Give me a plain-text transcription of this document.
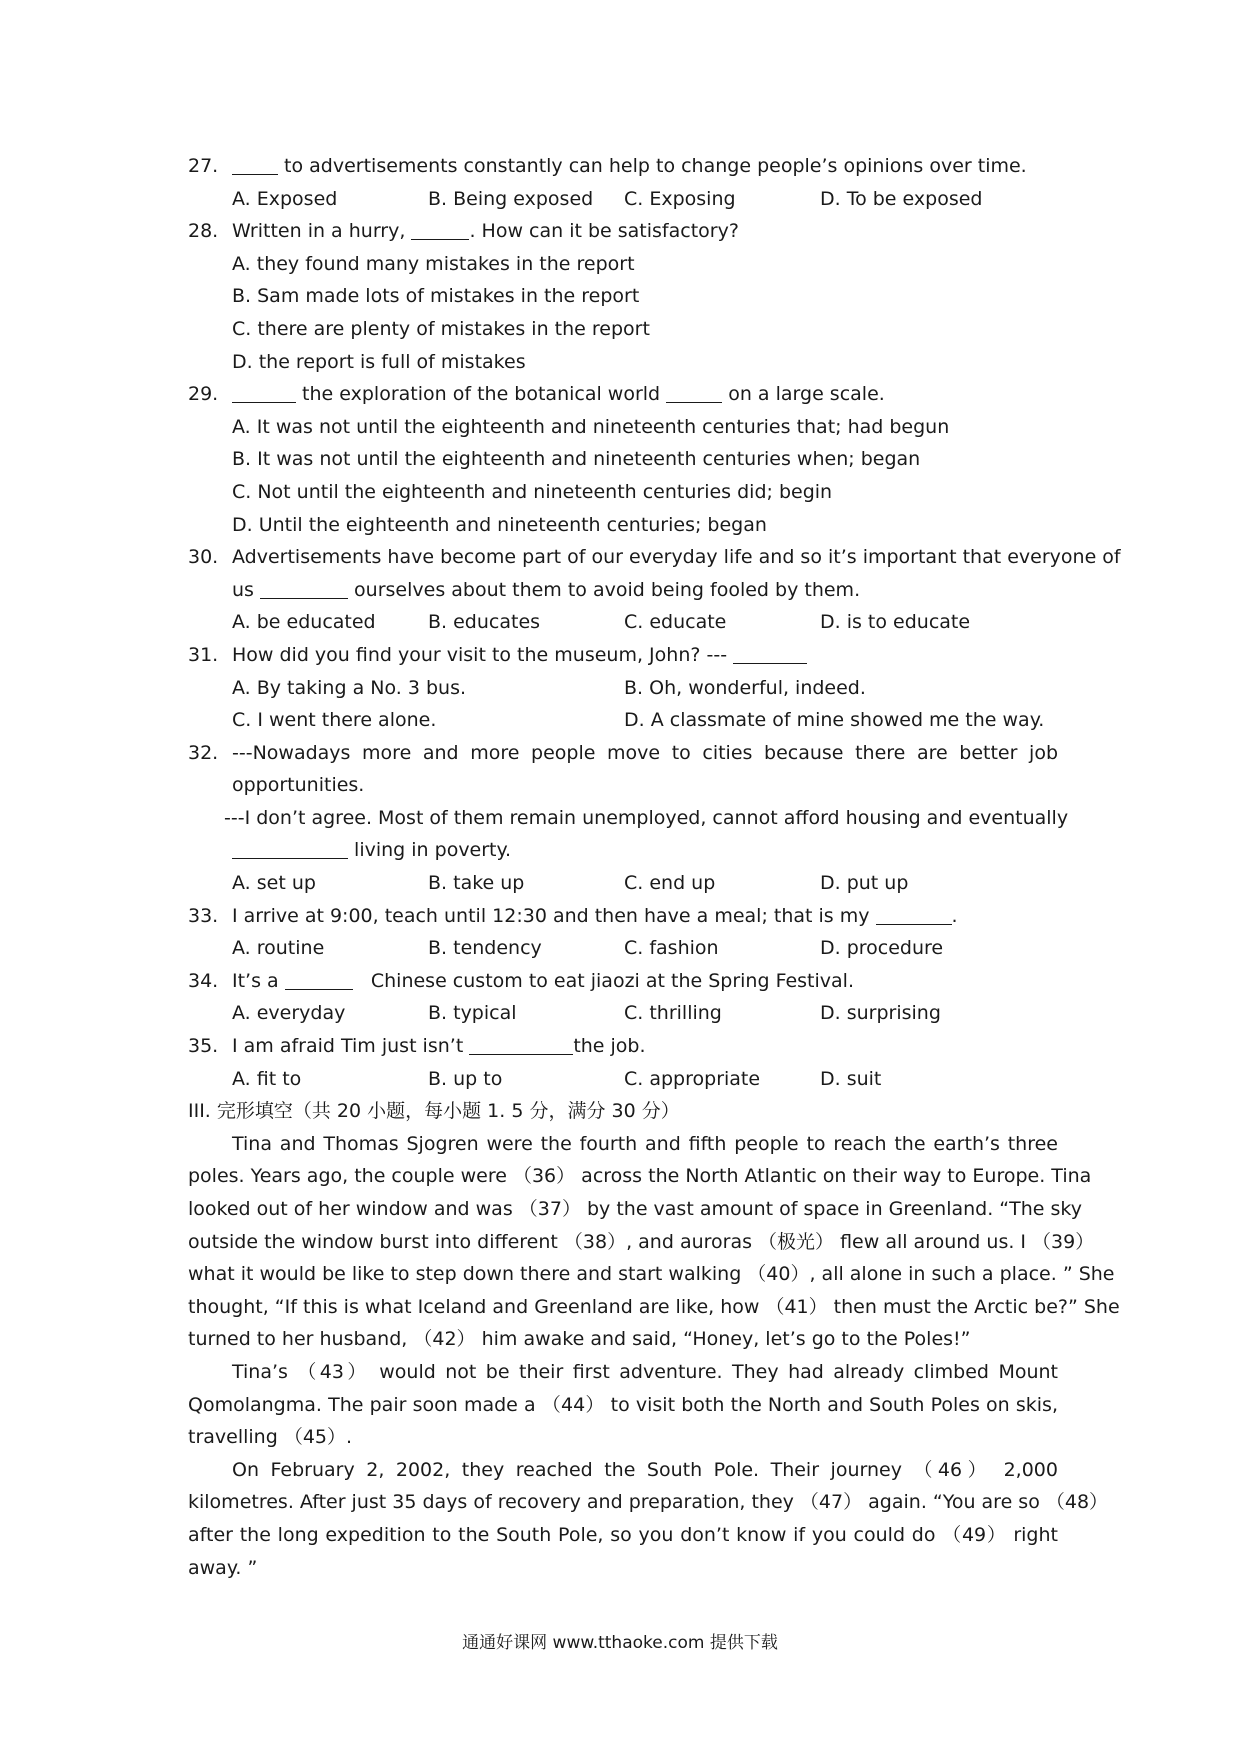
27.	to advertisements constantly can help to change people’s opinions over time.
A. Exposed	B. Being exposed C. Exposing	D. To be exposed
28. Written in a hurry,	. How can it be satisfactory?
A. they found many mistakes in the report
B. Sam made lots of mistakes in the report
C. there are plenty of mistakes in the report
D. the report is full of mistakes
29.	the exploration of the botanical world	on a large scale.
A. It was not until the eighteenth and nineteenth centuries that; had begun
B. It was not until the eighteenth and nineteenth centuries when; began
C. Not until the eighteenth and nineteenth centuries did; begin
D. Until the eighteenth and nineteenth centuries; began
30. Advertisements have become part of our everyday life and so it’s important that everyone of
us	ourselves about them to avoid being fooled by them.
A. be educated	B. educates	C. educate	D. is to educate
31. How did you find your visit to the museum, John? ---
A. By taking a No. 3 bus.	B. Oh, wonderful, indeed.
C. I went there alone.	D. A classmate of mine showed me the way.
32. ---Nowadays more and more people move to cities because there are better job
opportunities.
---I don’t agree. Most of them remain unemployed, cannot afford housing and eventually
living in poverty.
A. set up	B. take up	C. end up	D. put up
33. I arrive at 9:00, teach until 12:30 and then have a meal; that is my	.
A. routine	B. tendency	C. fashion	D. procedure
34. It’s a	Chinese custom to eat jiaozi at the Spring Festival.
A. everyday	B. typical	C. thrilling	D. surprising
35. I am afraid Tim just isn’t	the job.
A. fit to	B. up to	C. appropriate	D. suit
III. 完形填空（共 20 小题，每小题 1. 5 分，满分 30 分）
Tina and Thomas Sjogren were the fourth and fifth people to reach the earth’s three
poles. Years ago, the couple were （36） across the North Atlantic on their way to Europe. Tina
looked out of her window and was （37） by the vast amount of space in Greenland. “The sky
outside the window burst into different （38）, and auroras （极光） flew all around us. I （39）
what it would be like to step down there and start walking （40）, all alone in such a place. ” She
thought, “If this is what Iceland and Greenland are like, how （41） then must the Arctic be?” She
turned to her husband, （42） him awake and said, “Honey, let’s go to the Poles!”
Tina’s （43） would not be their first adventure. They had already climbed Mount
Qomolangma. The pair soon made a （44） to visit both the North and South Poles on skis,
travelling （45）.
On February 2, 2002, they reached the South Pole. Their journey （46） 2,000
kilometres. After just 35 days of recovery and preparation, they （47） again. “You are so （48）
after the long expedition to the South Pole, so you don’t know if you could do （49） right
away. ”
通通好课网 www.tthaoke.com 提供下载
